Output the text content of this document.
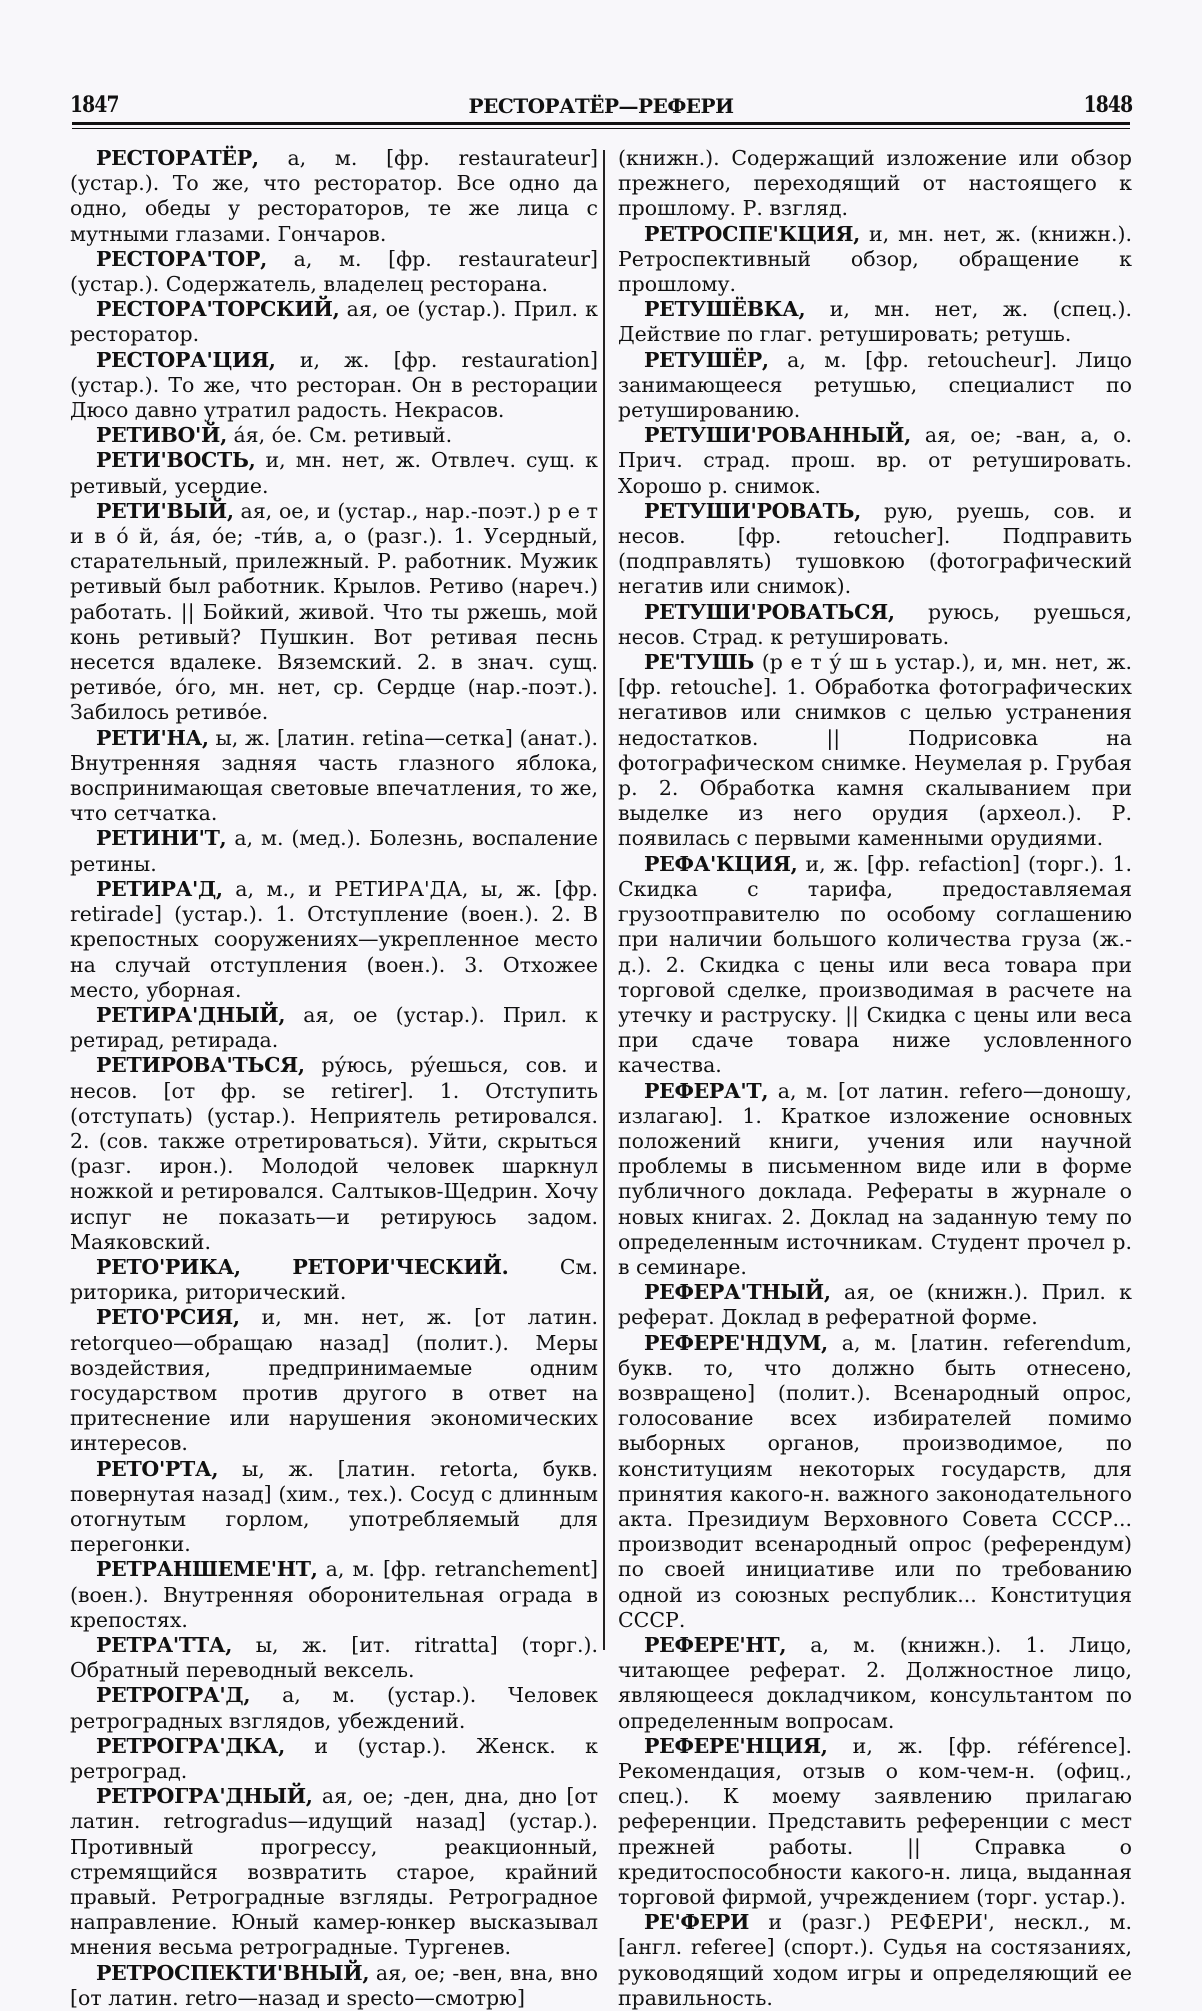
1847	РЕСТОРАТЁР—РЕФЕРИ	1848

РЕСТОРАТЁР, а, м. [фр. restaurateur] (устар.). То же, что ресторатор. Все одно да одно, обеды у рестораторов, те же лица с мутными глазами. Гончаров.

РЕСТОРА'ТОР, а, м. [фр. restaurateur] (устар.). Содержатель, владелец ресторана.

РЕСТОРА'ТОРСКИЙ, ая, ое (устар.). Прил. к ресторатор.

РЕСТОРА'ЦИЯ, и, ж. [фр. restauration] (устар.). То же, что ресторан. Он в ресторации Дюсо давно утратил радость. Некрасов.

РЕТИВО'Й, а́я, о́е. См. ретивый.

РЕТИ'ВОСТЬ, и, мн. нет, ж. Отвлеч. сущ. к ретивый, усердие.

РЕТИ'ВЫЙ, ая, ое, и (устар., нар.-поэт.) р е т и в о́ й, а́я, о́е; -ти́в, а, о (разг.). 1. Усердный, старательный, прилежный. Р. работник. Мужик ретивый был работник. Крылов. Ретиво (нареч.) работать. || Бойкий, живой. Что ты ржешь, мой конь ретивый? Пушкин. Вот ретивая песнь несется вдалеке. Вяземский. 2. в знач. сущ. ретиво́е, о́го, мн. нет, ср. Сердце (нар.-поэт.). Забилось ретиво́е.

РЕТИ'НА, ы, ж. [латин. retina—сетка] (анат.). Внутренняя задняя часть глазного яблока, воспринимающая световые впечатления, то же, что сетчатка.

РЕТИНИ'Т, а, м. (мед.). Болезнь, воспаление ретины.

РЕТИРА'Д, а, м., и РЕТИРА'ДА, ы, ж. [фр. retirade] (устар.). 1. Отступление (воен.). 2. В крепостных сооружениях—укрепленное место на случай отступления (воен.). 3. Отхожее место, уборная.

РЕТИРА'ДНЫЙ, ая, ое (устар.). Прил. к ретирад, ретирада.

РЕТИРОВА'ТЬСЯ, ру́юсь, ру́ешься, сов. и несов. [от фр. se retirer]. 1. Отступить (отступать) (устар.). Неприятель ретировался. 2. (сов. также отретироваться). Уйти, скрыться (разг. ирон.). Молодой человек шаркнул ножкой и ретировался. Салтыков-Щедрин. Хочу испуг не показать—и ретируюсь задом. Маяковский.

РЕТО'РИКА, РЕТОРИ'ЧЕСКИЙ. См. риторика, риторический.

РЕТО'РСИЯ, и, мн. нет, ж. [от латин. retorqueo—обращаю назад] (полит.). Меры воздействия, предпринимаемые одним государством против другого в ответ на притеснение или нарушения экономических интересов.

РЕТО'РТА, ы, ж. [латин. retorta, букв. повернутая назад] (хим., тех.). Сосуд с длинным отогнутым горлом, употребляемый для перегонки.

РЕТРАНШЕМЕ'НТ, а, м. [фр. retranchement] (воен.). Внутренняя оборонительная ограда в крепостях.

РЕТРА'ТТА, ы, ж. [ит. ritratta] (торг.). Обратный переводный вексель.

РЕТРОГРА'Д, а, м. (устар.). Человек ретроградных взглядов, убеждений.

РЕТРОГРА'ДКА, и (устар.). Женск. к ретроград.

РЕТРОГРА'ДНЫЙ, ая, ое; -ден, дна, дно [от латин. retrogradus—идущий назад] (устар.). Противный прогрессу, реакционный, стремящийся возвратить старое, крайний правый. Ретроградные взгляды. Ретроградное направление. Юный камер-юнкер высказывал мнения весьма ретроградные. Тургенев.

РЕТРОСПЕКТИ'ВНЫЙ, ая, ое; -вен, вна, вно [от латин. retro—назад и specto—смотрю]

(книжн.). Содержащий изложение или обзор прежнего, переходящий от настоящего к прошлому. Р. взгляд.

РЕТРОСПЕ'КЦИЯ, и, мн. нет, ж. (книжн.). Ретроспективный обзор, обращение к прошлому.

РЕТУШЁВКА, и, мн. нет, ж. (спец.). Действие по глаг. ретушировать; ретушь.

РЕТУШЁР, а, м. [фр. retoucheur]. Лицо занимающееся ретушью, специалист по ретушированию.

РЕТУШИ'РОВАННЫЙ, ая, ое; -ван, а, о. Прич. страд. прош. вр. от ретушировать. Хорошо р. снимок.

РЕТУШИ'РОВАТЬ, рую, руешь, сов. и несов. [фр. retoucher]. Подправить (подправлять) тушовкою (фотографический негатив или снимок).

РЕТУШИ'РОВАТЬСЯ, руюсь, руешься, несов. Страд. к ретушировать.

РЕ'ТУШЬ (р е т у́ ш ь устар.), и, мн. нет, ж. [фр. retouche]. 1. Обработка фотографических негативов или снимков с целью устранения недостатков. || Подрисовка на фотографическом снимке. Неумелая р. Грубая р. 2. Обработка камня скалыванием при выделке из него орудия (археол.). Р. появилась с первыми каменными орудиями.

РЕФА'КЦИЯ, и, ж. [фр. refaction] (торг.). 1. Скидка с тарифа, предоставляемая грузоотправителю по особому соглашению при наличии большого количества груза (ж.-д.). 2. Скидка с цены или веса товара при торговой сделке, производимая в расчете на утечку и раструску. || Скидка с цены или веса при сдаче товара ниже условленного качества.

РЕФЕРА'Т, а, м. [от латин. refero—доношу, излагаю]. 1. Краткое изложение основных положений книги, учения или научной проблемы в письменном виде или в форме публичного доклада. Рефераты в журнале о новых книгах. 2. Доклад на заданную тему по определенным источникам. Студент прочел р. в семинаре.

РЕФЕРА'ТНЫЙ, ая, ое (книжн.). Прил. к реферат. Доклад в рефератной форме.

РЕФЕРЕ'НДУМ, а, м. [латин. referendum, букв. то, что должно быть отнесено, возвращено] (полит.). Всенародный опрос, голосование всех избирателей помимо выборных органов, производимое, по конституциям некоторых государств, для принятия какого-н. важного законодательного акта. Президиум Верховного Совета СССР... производит всенародный опрос (референдум) по своей инициативе или по требованию одной из союзных республик... Конституция СССР.

РЕФЕРЕ'НТ, а, м. (книжн.). 1. Лицо, читающее реферат. 2. Должностное лицо, являющееся докладчиком, консультантом по определенным вопросам.

РЕФЕРЕ'НЦИЯ, и, ж. [фр. référence]. Рекомендация, отзыв о ком-чем-н. (офиц., спец.). К моему заявлению прилагаю референции. Представить референции с мест прежней работы. || Справка о кредитоспособности какого-н. лица, выданная торговой фирмой, учреждением (торг. устар.).

РЕ'ФЕРИ и (разг.) РЕФЕРИ', нескл., м. [англ. referee] (спорт.). Судья на состязаниях, руководящий ходом игры и определяющий ее правильность.
